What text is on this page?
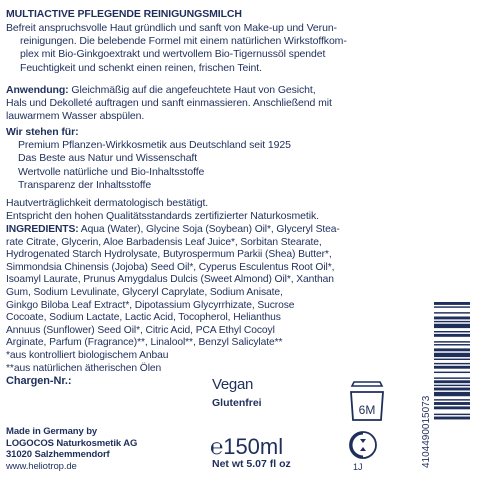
MULTIACTIVE PFLEGENDE REINIGUNGSMILCH
Befreit anspruchsvolle Haut gründlich und sanft von Make-up und Verun-
reinigungen. Die belebende Formel mit einem natürlichen Wirkstoffkom-
plex mit Bio-Ginkgoextrakt und wertvollem Bio-Tigernussöl spendet
Feuchtigkeit und schenkt einen reinen, frischen Teint.
Anwendung: Gleichmäßig auf die angefeuchtete Haut von Gesicht,
Hals und Dekolleté auftragen und sanft einmassieren. Anschließend mit
lauwarmem Wasser abspülen.
Wir stehen für:
Premium Pflanzen-Wirkkosmetik aus Deutschland seit 1925
Das Beste aus Natur und Wissenschaft
Wertvolle natürliche und Bio-Inhaltsstoffe
Transparenz der Inhaltsstoffe
Hautverträglichkeit dermatologisch bestätigt.
Entspricht den hohen Qualitätsstandards zertifizierter Naturkosmetik.
INGREDIENTS: Aqua (Water), Glycine Soja (Soybean) Oil*, Glyceryl Stea-
rate Citrate, Glycerin, Aloe Barbadensis Leaf Juice*, Sorbitan Stearate,
Hydrogenated Starch Hydrolysate, Butyrospermum Parkii (Shea) Butter*,
Simmondsia Chinensis (Jojoba) Seed Oil*, Cyperus Esculentus Root Oil*,
Isoamyl Laurate, Prunus Amygdalus Dulcis (Sweet Almond) Oil*, Xanthan
Gum, Sodium Levulinate, Glyceryl Caprylate, Sodium Anisate,
Ginkgo Biloba Leaf Extract*, Dipotassium Glycyrrhizate, Sucrose
Cocoate, Sodium Lactate, Lactic Acid, Tocopherol, Helianthus
Annuus (Sunflower) Seed Oil*, Citric Acid, PCA Ethyl Cocoyl
Arginate, Parfum (Fragrance)**, Linalool**, Benzyl Salicylate**
*aus kontrolliert biologischem Anbau
**aus natürlichen ätherischen Ölen
Chargen-Nr.:	Vegan
Glutenfrei	6M
Made in Germany by
LOGOCOS Naturkosmetik AG
31020 Salzhemmendorf
www.heliotrop.de
℮150ml
Net wt 5.07 fl oz	1J	4104490015073
